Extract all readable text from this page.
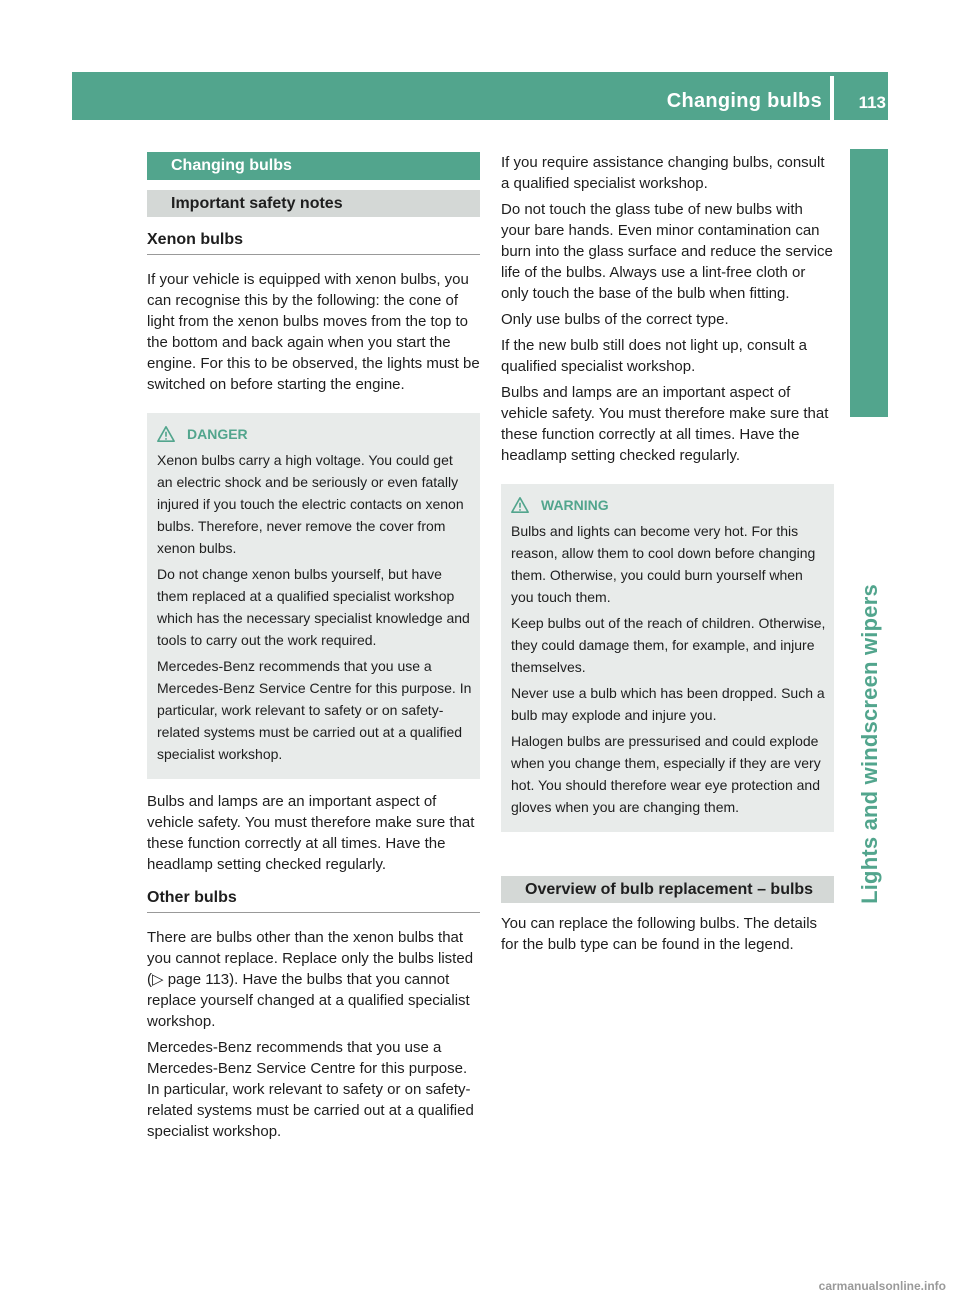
Changing bulbs 113
Lights and windscreen wipers
Changing bulbs
Important safety notes
Xenon bulbs

If your vehicle is equipped with xenon bulbs, you can recognise this by the following: the cone of light from the xenon bulbs moves from the top to the bottom and back again when you start the engine. For this to be observed, the lights must be switched on before starting the engine.

DANGER

Xenon bulbs carry a high voltage. You could get an electric shock and be seriously or even fatally injured if you touch the electric contacts on xenon bulbs. Therefore, never remove the cover from xenon bulbs.

Do not change xenon bulbs yourself, but have them replaced at a qualified specialist workshop which has the necessary specialist knowledge and tools to carry out the work required.

Mercedes-Benz recommends that you use a Mercedes-Benz Service Centre for this purpose. In particular, work relevant to safety or on safety-related systems must be carried out at a qualified specialist workshop.

Bulbs and lamps are an important aspect of vehicle safety. You must therefore make sure that these function correctly at all times. Have the headlamp setting checked regularly.

Other bulbs

There are bulbs other than the xenon bulbs that you cannot replace. Replace only the bulbs listed (▷ page 113). Have the bulbs that you cannot replace yourself changed at a qualified specialist workshop.

Mercedes-Benz recommends that you use a Mercedes-Benz Service Centre for this purpose. In particular, work relevant to safety or on safety-related systems must be carried out at a qualified specialist workshop.

If you require assistance changing bulbs, consult a qualified specialist workshop.

Do not touch the glass tube of new bulbs with your bare hands. Even minor contamination can burn into the glass surface and reduce the service life of the bulbs. Always use a lint-free cloth or only touch the base of the bulb when fitting.

Only use bulbs of the correct type.

If the new bulb still does not light up, consult a qualified specialist workshop.

Bulbs and lamps are an important aspect of vehicle safety. You must therefore make sure that these function correctly at all times. Have the headlamp setting checked regularly.

WARNING

Bulbs and lights can become very hot. For this reason, allow them to cool down before changing them. Otherwise, you could burn yourself when you touch them.

Keep bulbs out of the reach of children. Otherwise, they could damage them, for example, and injure themselves.

Never use a bulb which has been dropped. Such a bulb may explode and injure you.

Halogen bulbs are pressurised and could explode when you change them, especially if they are very hot. You should therefore wear eye protection and gloves when you are changing them.

Overview of bulb replacement – bulbs

You can replace the following bulbs. The details for the bulb type can be found in the legend.

carmanualsonline.info
